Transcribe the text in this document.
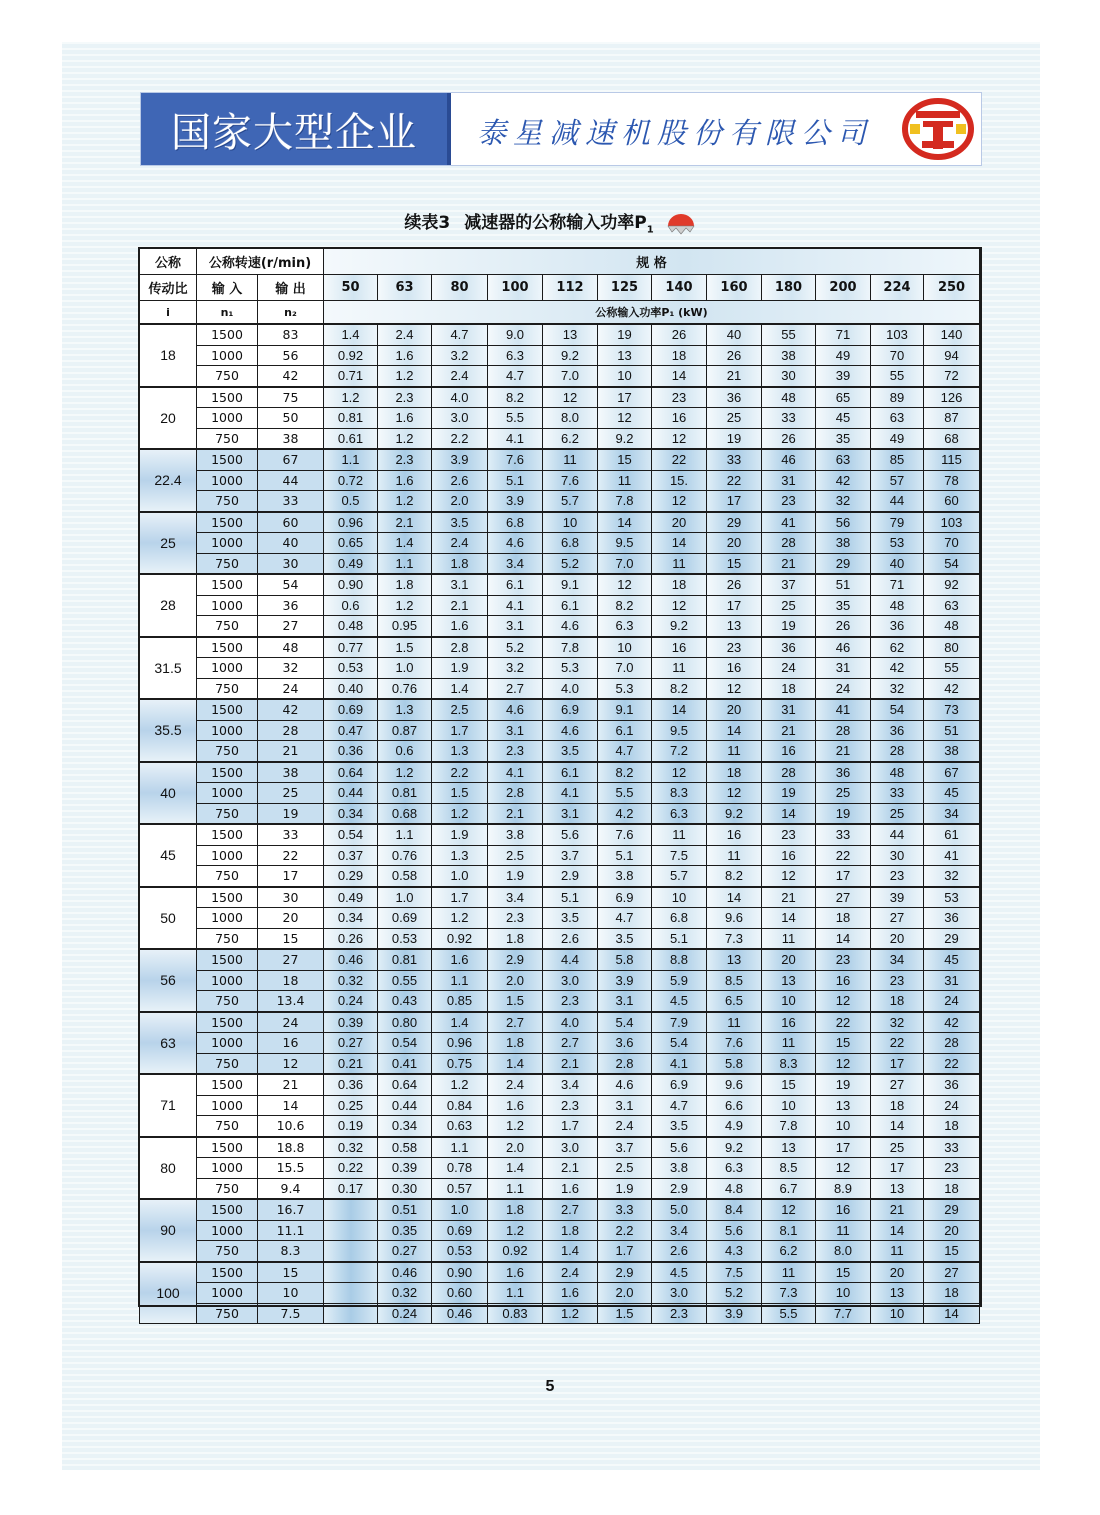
国家大型企业 泰星减速机股份有限公司
续表3 减速器的公称输入功率$P_1$
公称	公称转速(r/min)		规 格											
传动比	输 入	输 出	50	63	80	100	112	125	140	160	180	200	224	250
i	n₁	n₂	公称输入功率P₁ (kW)											
18	1500	83	1.4	2.4	4.7	9.0	13	19	26	40	55	71	103	140
	1000	56	0.92	1.6	3.2	6.3	9.2	13	18	26	38	49	70	94
	750	42	0.71	1.2	2.4	4.7	7.0	10	14	21	30	39	55	72
20	1500	75	1.2	2.3	4.0	8.2	12	17	23	36	48	65	89	126
	1000	50	0.81	1.6	3.0	5.5	8.0	12	16	25	33	45	63	87
	750	38	0.61	1.2	2.2	4.1	6.2	9.2	12	19	26	35	49	68
22.4	1500	67	1.1	2.3	3.9	7.6	11	15	22	33	46	63	85	115
	1000	44	0.72	1.6	2.6	5.1	7.6	11	15.	22	31	42	57	78
	750	33	0.5	1.2	2.0	3.9	5.7	7.8	12	17	23	32	44	60
25	1500	60	0.96	2.1	3.5	6.8	10	14	20	29	41	56	79	103
	1000	40	0.65	1.4	2.4	4.6	6.8	9.5	14	20	28	38	53	70
	750	30	0.49	1.1	1.8	3.4	5.2	7.0	11	15	21	29	40	54
28	1500	54	0.90	1.8	3.1	6.1	9.1	12	18	26	37	51	71	92
	1000	36	0.6	1.2	2.1	4.1	6.1	8.2	12	17	25	35	48	63
	750	27	0.48	0.95	1.6	3.1	4.6	6.3	9.2	13	19	26	36	48
31.5	1500	48	0.77	1.5	2.8	5.2	7.8	10	16	23	36	46	62	80
	1000	32	0.53	1.0	1.9	3.2	5.3	7.0	11	16	24	31	42	55
	750	24	0.40	0.76	1.4	2.7	4.0	5.3	8.2	12	18	24	32	42
35.5	1500	42	0.69	1.3	2.5	4.6	6.9	9.1	14	20	31	41	54	73
	1000	28	0.47	0.87	1.7	3.1	4.6	6.1	9.5	14	21	28	36	51
	750	21	0.36	0.6	1.3	2.3	3.5	4.7	7.2	11	16	21	28	38
40	1500	38	0.64	1.2	2.2	4.1	6.1	8.2	12	18	28	36	48	67
	1000	25	0.44	0.81	1.5	2.8	4.1	5.5	8.3	12	19	25	33	45
	750	19	0.34	0.68	1.2	2.1	3.1	4.2	6.3	9.2	14	19	25	34
45	1500	33	0.54	1.1	1.9	3.8	5.6	7.6	11	16	23	33	44	61
	1000	22	0.37	0.76	1.3	2.5	3.7	5.1	7.5	11	16	22	30	41
	750	17	0.29	0.58	1.0	1.9	2.9	3.8	5.7	8.2	12	17	23	32
50	1500	30	0.49	1.0	1.7	3.4	5.1	6.9	10	14	21	27	39	53
	1000	20	0.34	0.69	1.2	2.3	3.5	4.7	6.8	9.6	14	18	27	36
	750	15	0.26	0.53	0.92	1.8	2.6	3.5	5.1	7.3	11	14	20	29
56	1500	27	0.46	0.81	1.6	2.9	4.4	5.8	8.8	13	20	23	34	45
	1000	18	0.32	0.55	1.1	2.0	3.0	3.9	5.9	8.5	13	16	23	31
	750	13.4	0.24	0.43	0.85	1.5	2.3	3.1	4.5	6.5	10	12	18	24
63	1500	24	0.39	0.80	1.4	2.7	4.0	5.4	7.9	11	16	22	32	42
	1000	16	0.27	0.54	0.96	1.8	2.7	3.6	5.4	7.6	11	15	22	28
	750	12	0.21	0.41	0.75	1.4	2.1	2.8	4.1	5.8	8.3	12	17	22
71	1500	21	0.36	0.64	1.2	2.4	3.4	4.6	6.9	9.6	15	19	27	36
	1000	14	0.25	0.44	0.84	1.6	2.3	3.1	4.7	6.6	10	13	18	24
	750	10.6	0.19	0.34	0.63	1.2	1.7	2.4	3.5	4.9	7.8	10	14	18
80	1500	18.8	0.32	0.58	1.1	2.0	3.0	3.7	5.6	9.2	13	17	25	33
	1000	15.5	0.22	0.39	0.78	1.4	2.1	2.5	3.8	6.3	8.5	12	17	23
	750	9.4	0.17	0.30	0.57	1.1	1.6	1.9	2.9	4.8	6.7	8.9	13	18
90	1500	16.7		0.51	1.0	1.8	2.7	3.3	5.0	8.4	12	16	21	29
	1000	11.1		0.35	0.69	1.2	1.8	2.2	3.4	5.6	8.1	11	14	20
	750	8.3		0.27	0.53	0.92	1.4	1.7	2.6	4.3	6.2	8.0	11	15
100	1500	15		0.46	0.90	1.6	2.4	2.9	4.5	7.5	11	15	20	27
	1000	10		0.32	0.60	1.1	1.6	2.0	3.0	5.2	7.3	10	13	18
	750	7.5		0.24	0.46	0.83	1.2	1.5	2.3	3.9	5.5	7.7	10	14
5
